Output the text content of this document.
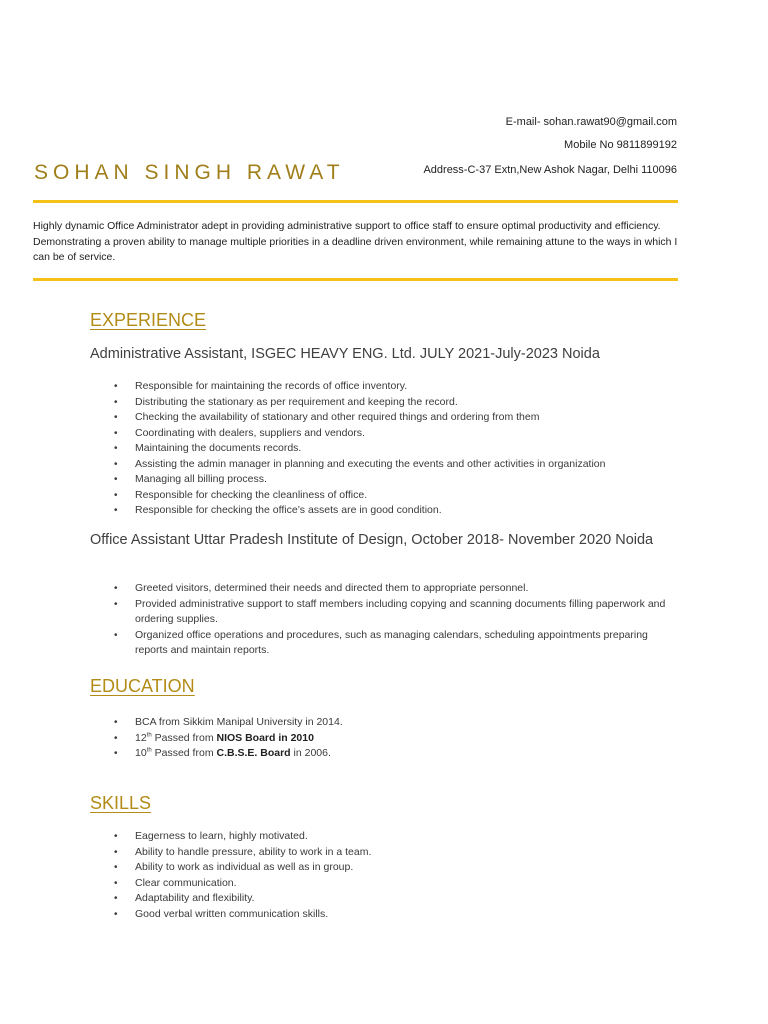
E-mail- sohan.rawat90@gmail.com
Mobile No 9811899192
Address-C-37 Extn,New Ashok Nagar, Delhi 110096
SOHAN SINGH RAWAT
Highly dynamic Office Administrator adept in providing administrative support to office staff to ensure optimal productivity and efficiency. Demonstrating a proven ability to manage multiple priorities in a deadline driven environment, while remaining attune to the ways in which I can be of service.
EXPERIENCE
Administrative Assistant, ISGEC HEAVY ENG. Ltd. JULY 2021-July-2023 Noida
• Responsible for maintaining the records of office inventory.
• Distributing the stationary as per requirement and keeping the record.
• Checking the availability of stationary and other required things and ordering from them
• Coordinating with dealers, suppliers and vendors.
• Maintaining the documents records.
• Assisting the admin manager in planning and executing the events and other activities in organization
• Managing all billing process.
• Responsible for checking the cleanliness of office.
• Responsible for checking the office’s assets are in good condition.
Office Assistant Uttar Pradesh Institute of Design, October 2018- November 2020 Noida
• Greeted visitors, determined their needs and directed them to appropriate personnel.
• Provided administrative support to staff members including copying and scanning documents filling paperwork and ordering supplies.
• Organized office operations and procedures, such as managing calendars, scheduling appointments preparing reports and maintain reports.
EDUCATION
• BCA from Sikkim Manipal University in 2014.
• 12th Passed from NIOS Board in 2010
• 10th Passed from C.B.S.E. Board in 2006.
SKILLS
• Eagerness to learn, highly motivated.
• Ability to handle pressure, ability to work in a team.
• Ability to work as individual as well as in group.
• Clear communication.
• Adaptability and flexibility.
• Good verbal written communication skills.
